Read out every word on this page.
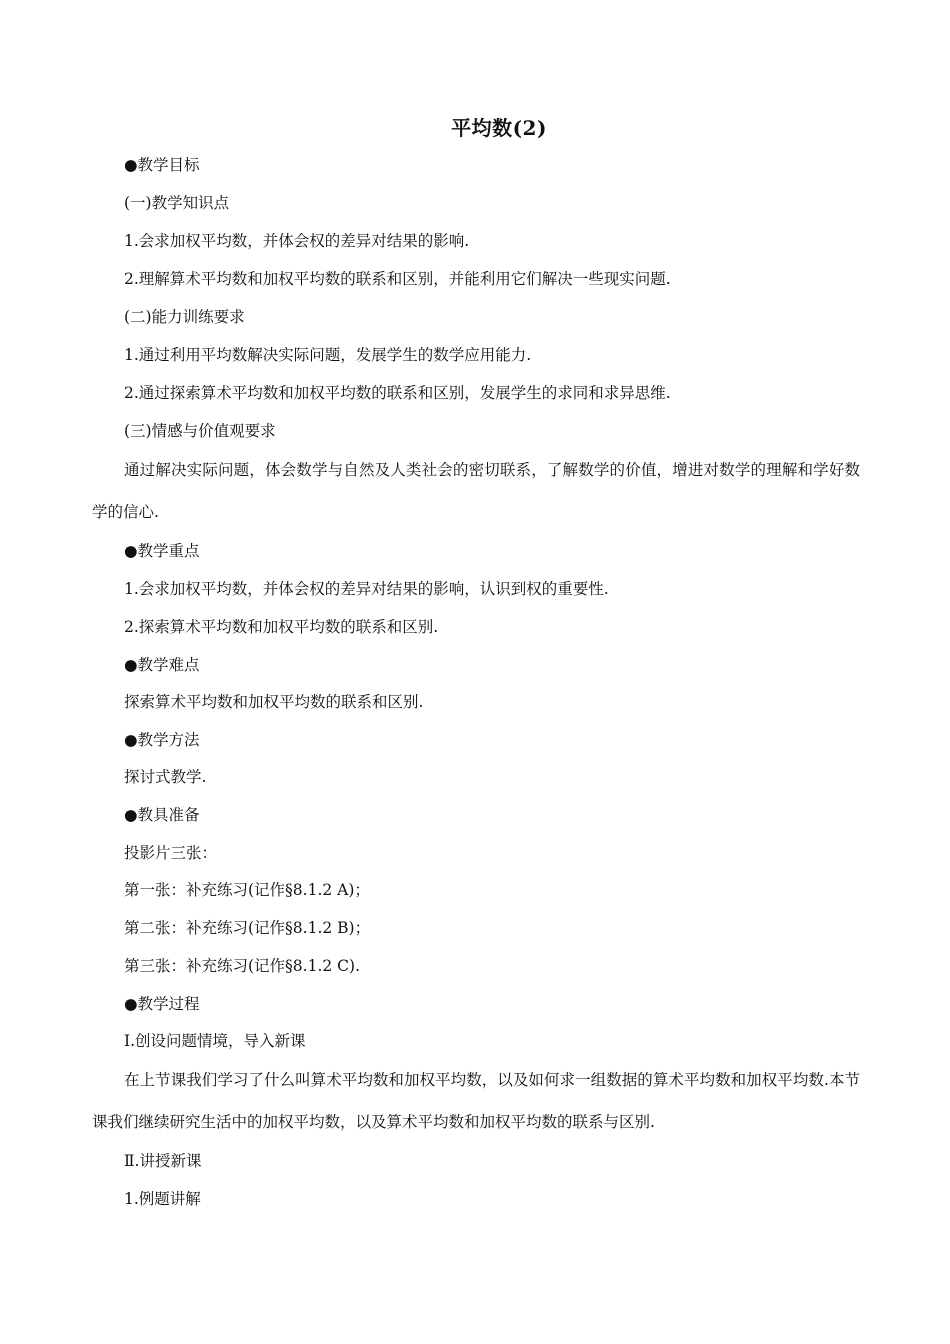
平均数(2)
●教学目标
(一)教学知识点
1.会求加权平均数，并体会权的差异对结果的影响.
2.理解算术平均数和加权平均数的联系和区别，并能利用它们解决一些现实问题.
(二)能力训练要求
1.通过利用平均数解决实际问题，发展学生的数学应用能力.
2.通过探索算术平均数和加权平均数的联系和区别，发展学生的求同和求异思维.
(三)情感与价值观要求
通过解决实际问题，体会数学与自然及人类社会的密切联系，了解数学的价值，增进对数学的理解和学好数学的信心.
●教学重点
1.会求加权平均数，并体会权的差异对结果的影响，认识到权的重要性.
2.探索算术平均数和加权平均数的联系和区别.
●教学难点
探索算术平均数和加权平均数的联系和区别.
●教学方法
探讨式教学.
●教具准备
投影片三张：
第一张：补充练习(记作§8.1.2 A)；
第二张：补充练习(记作§8.1.2 B)；
第三张：补充练习(记作§8.1.2 C).
●教学过程
Ⅰ.创设问题情境，导入新课
在上节课我们学习了什么叫算术平均数和加权平均数，以及如何求一组数据的算术平均数和加权平均数.本节课我们继续研究生活中的加权平均数，以及算术平均数和加权平均数的联系与区别.
Ⅱ.讲授新课
1.例题讲解
